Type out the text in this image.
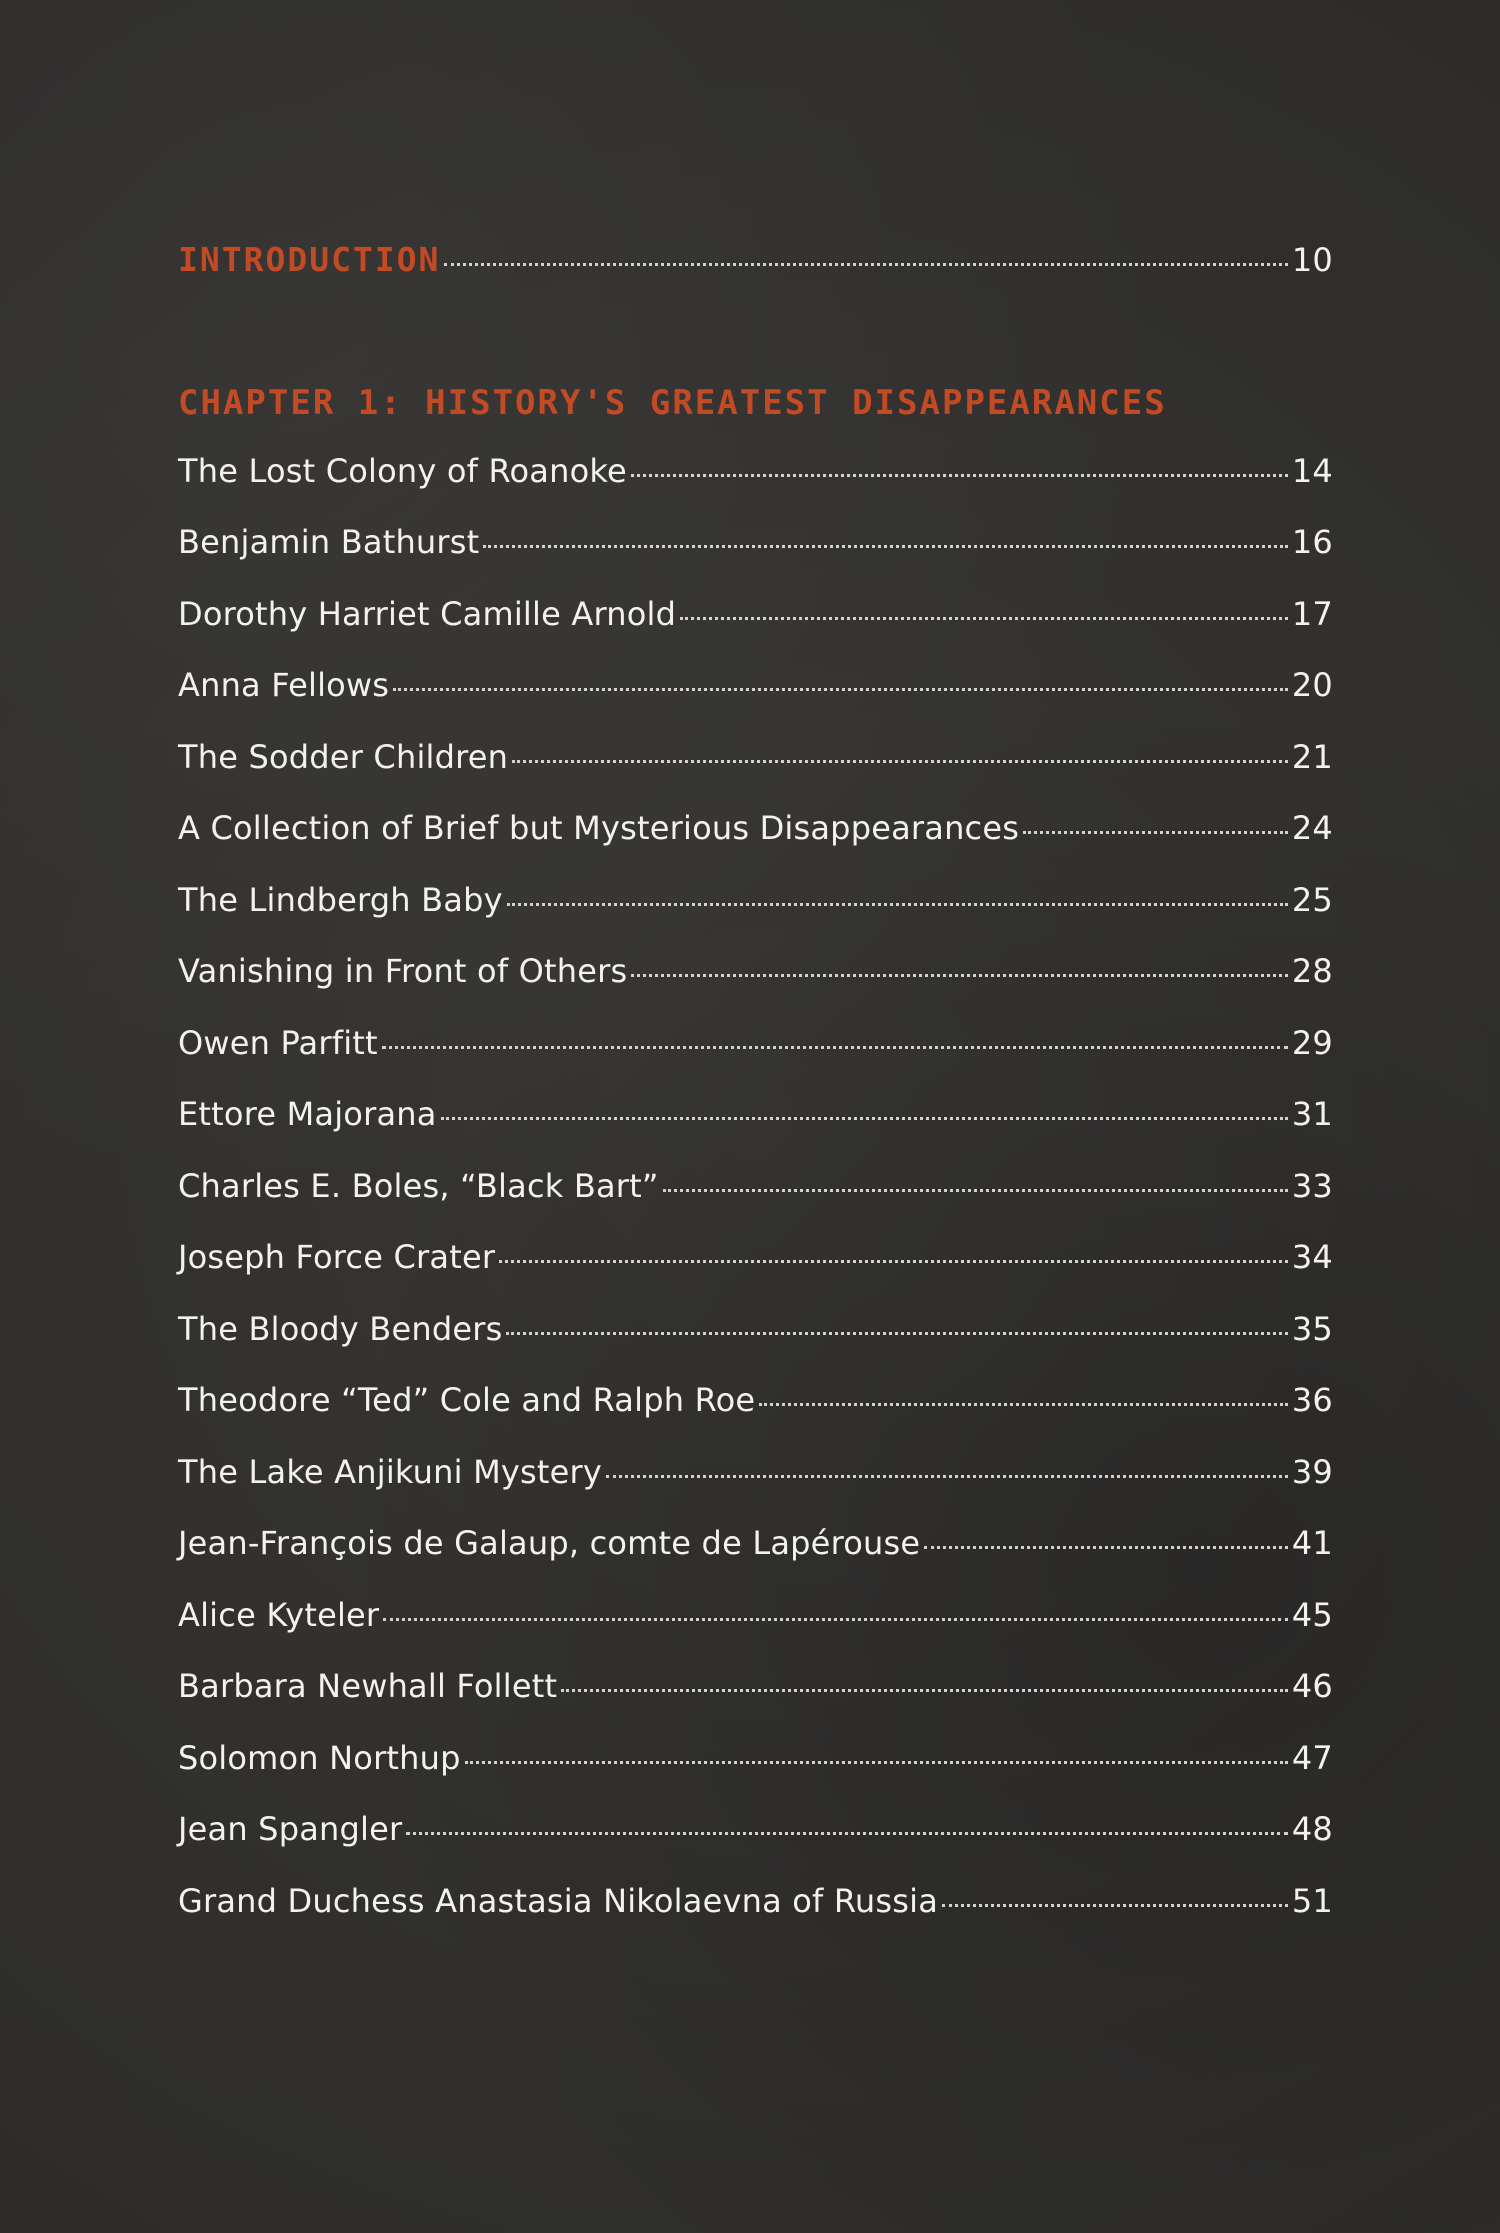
INTRODUCTION	10
CHAPTER 1: HISTORY'S GREATEST DISAPPEARANCES
The Lost Colony of Roanoke	14
Benjamin Bathurst	16
Dorothy Harriet Camille Arnold	17
Anna Fellows	20
The Sodder Children	21
A Collection of Brief but Mysterious Disappearances	24
The Lindbergh Baby	25
Vanishing in Front of Others	28
Owen Parfitt	29
Ettore Majorana	31
Charles E. Boles, “Black Bart”	33
Joseph Force Crater	34
The Bloody Benders	35
Theodore “Ted” Cole and Ralph Roe	36
The Lake Anjikuni Mystery	39
Jean-François de Galaup, comte de Lapérouse	41
Alice Kyteler	45
Barbara Newhall Follett	46
Solomon Northup	47
Jean Spangler	48
Grand Duchess Anastasia Nikolaevna of Russia	51
